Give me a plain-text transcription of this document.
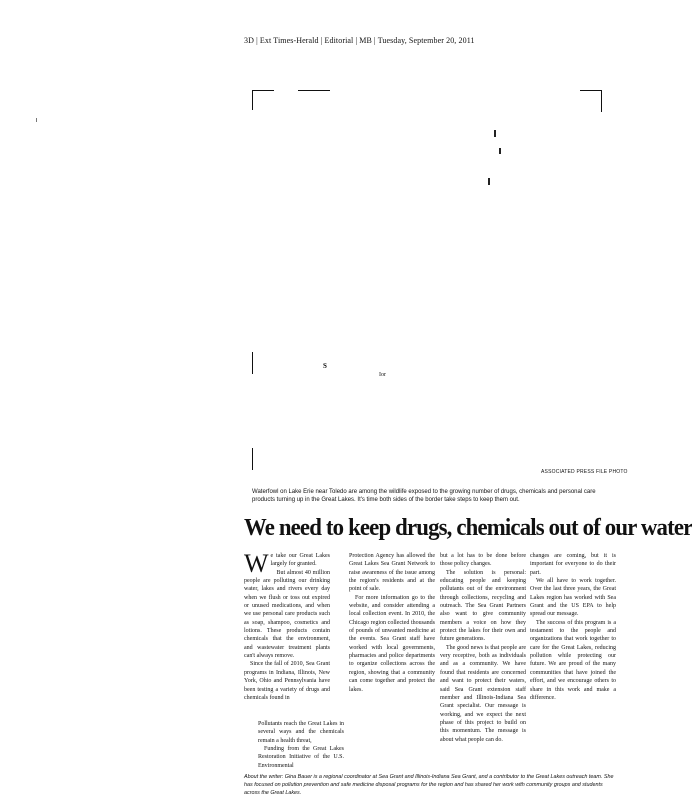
3D | Ext Times-Herald | Editorial | MB | Tuesday, September 20, 2011
S
Ior
ASSOCIATED PRESS FILE PHOTO
Waterfowl on Lake Erie near Toledo are among the wildlife exposed to the growing number of drugs, chemicals and personal care products turning up in the Great Lakes. It's time both sides of the border take steps to keep them out.
We need to keep drugs, chemicals out of our water

We take our Great Lakes largely for granted.

But almost 40 million people are polluting our drinking water, lakes and rivers every day when we flush or toss out expired or unused medications, and when we use personal care products such as soap, shampoo, cosmetics and lotions. These products contain chemicals that the environment, and wastewater treatment plants can't always remove.

Since the fall of 2010, Sea Grant programs in Indiana, Illinois, New York, Ohio and Pennsylvania have been testing a variety of drugs and chemicals found in

Pollutants reach the Great Lakes in several ways and the chemicals remain a health threat,

Funding from the Great Lakes Restoration Initiative of the U.S. Environmental

Protection Agency has allowed the Great Lakes Sea Grant Network to raise awareness of the issue among the region's residents and at the point of sale.

For more information go to the website, and consider attending a local collection event. In 2010, the Chicago region collected thousands of pounds of unwanted medicine at the events. Sea Grant staff have worked with local governments, pharmacies and police departments to organize collections across the region, showing that a community can come together and protect the lakes.

but a lot has to be done before those policy changes.

The solution is personal: educating people and keeping pollutants out of the environment through collections, recycling and outreach. The Sea Grant Partners also want to give community members a voice on how they protect the lakes for their own and future generations.

The good news is that people are very receptive, both as individuals and as a community. We have found that residents are concerned and want to protect their waters, said Sea Grant extension staff member and Illinois-Indiana Sea Grant specialist. Our message is working, and we expect the next phase of this project to build on this momentum. The message is about what people can do.

changes are coming, but it is important for everyone to do their part.

We all have to work together. Over the last three years, the Great Lakes region has worked with Sea Grant and the US EPA to help spread our message.

The success of this program is a testament to the people and organizations that work together to care for the Great Lakes, reducing pollution while protecting our future. We are proud of the many communities that have joined the effort, and we encourage others to share in this work and make a difference.

About the writer: Gina Bauer is a regional coordinator at Sea Grant and Illinois-Indiana Sea Grant, and a contributor to the Great Lakes outreach team. She has focused on pollution prevention and safe medicine disposal programs for the region and has shared her work with community groups and students across the Great Lakes.
